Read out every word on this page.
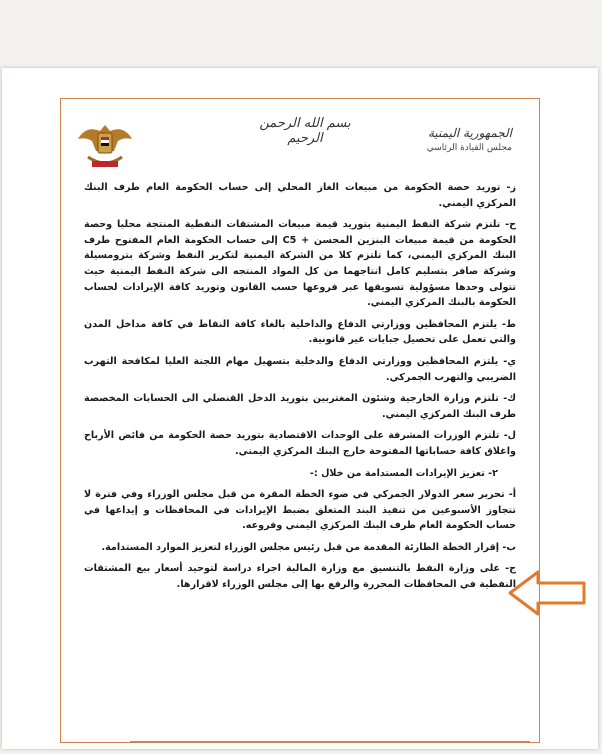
بسم الله الرحمن الرحيم	الجمهورية اليمنية
مجلس القيادة الرئاسي
ز- توريد حصة الحكومة من مبيعات الغاز المحلي إلى حساب الحكومة العام طرف البنك المركزي اليمني.
ح- تلتزم شركة النفط اليمنية بتوريد قيمة مبيعات المشتقات النفطية المنتجة محليا وحصة الحكومة من قيمة مبيعات البنزين المحسن + C5 إلى حساب الحكومة العام المفتوح طرف البنك المركزي اليمني، كما تلتزم كلا من الشركة اليمنية لتكرير النفط وشركة بترومسيلة وشركة صافر بتسليم كامل انتاجهما من كل المواد المنتجه الى شركة النفط اليمنية حيث تتولى وحدها مسؤولية تسويقها عبر فروعها حسب القانون وتوريد كافة الإيرادات لحساب الحكومة بالبنك المركزي اليمني.
ط- يلتزم المحافظين ووزارتي الدفاع والداخلية بالغاء كافة النقاط في كافة مداخل المدن والتي تعمل على تحصيل جبايات غير قانونية.
ي- يلتزم المحافظين ووزارتي الدفاع والدخلية بتسهيل مهام اللجنة العليا لمكافحة التهرب الضريبي والتهرب الجمركي.
ك- تلتزم وزارة الخارجية وشئون المغتربين بتوريد الدخل القنصلي الى الحسابات المخصصة طرف البنك المركزي اليمني.
ل- تلتزم الوزرات المشرفة على الوحدات الاقتصادية بتوريد حصة الحكومة من فائض الأرباح واغلاق كافة حساباتها المفتوحة خارج البنك المركزي اليمني.
٢- تعزيز الإيرادات المستدامة من خلال :-
أ- تحرير سعر الدولار الجمركي في ضوء الخطة المقرة من قبل مجلس الوزراء وفي فترة لا تتجاوز الأسبوعين من تنفيذ البند المتعلق بضبط الإيرادات في المحافظات و إيداعها في حساب الحكومة العام طرف البنك المركزي اليمني وفروعه.
ب- إقرار الخطة الطارئة المقدمة من قبل رئيس مجلس الوزراء لتعزيز الموارد المستدامة.
ج- على وزارة النفط بالتنسيق مع وزارة المالية اجراء دراسة لتوحيد أسعار بيع المشتقات النفطية في المحافظات المحررة والرفع بها إلى مجلس الوزراء لاقرارها.
